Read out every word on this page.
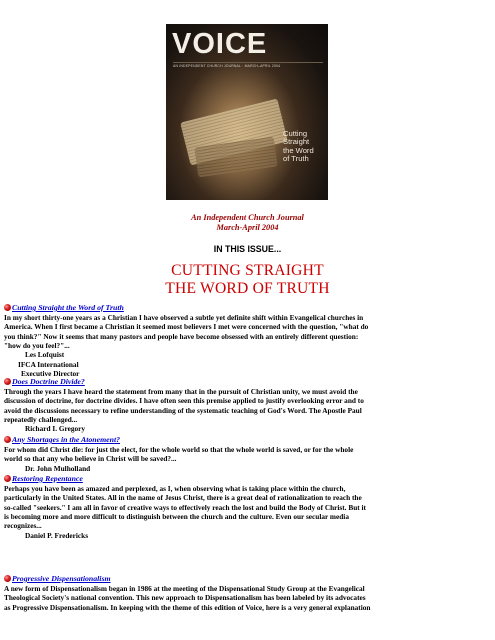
VOICE
AN INDEPENDENT CHURCH JOURNAL · MARCH–APRIL 2004
Cutting
Straight
the Word
of Truth
An Independent Church Journal
March-April 2004
IN THIS ISSUE...
CUTTING STRAIGHT
THE WORD OF TRUTH
Cutting Straight the Word of Truth
In my short thirty-one years as a Christian I have observed a subtle yet definite shift within Evangelical churches in
America. When I first became a Christian it seemed most believers I met were concerned with the question, "what do
you think?" Now it seems that many pastors and people have become obsessed with an entirely different question:
"how do you feel?"...
Les Lofquist
IFCA International
Executive Director
Does Doctrine Divide?
Through the years I have heard the statement from many that in the pursuit of Christian unity, we must avoid the
discussion of doctrine, for doctrine divides. I have often seen this premise applied to justify overlooking error and to
avoid the discussions necessary to refine understanding of the systematic teaching of God's Word. The Apostle Paul
repeatedly challenged...
Richard I. Gregory
Any Shortages in the Atonement?
For whom did Christ die: for just the elect, for the whole world so that the whole world is saved, or for the whole
world so that any who believe in Christ will be saved?...
Dr. John Mulholland
Restoring Repentance
Perhaps you have been as amazed and perplexed, as I, when observing what is taking place within the church,
particularly in the United States. All in the name of Jesus Christ, there is a great deal of rationalization to reach the
so-called "seekers." I am all in favor of creative ways to effectively reach the lost and build the Body of Christ. But it
is becoming more and more difficult to distinguish between the church and the culture. Even our secular media
recognizes...
Daniel P. Fredericks
Progressive Dispensationalism
A new form of Dispensationalism began in 1986 at the meeting of the Dispensational Study Group at the Evangelical
Theological Society's national convention. This new approach to Dispensationalism has been labeled by its advocates
as Progressive Dispensationalism. In keeping with the theme of this edition of Voice, here is a very general explanation
